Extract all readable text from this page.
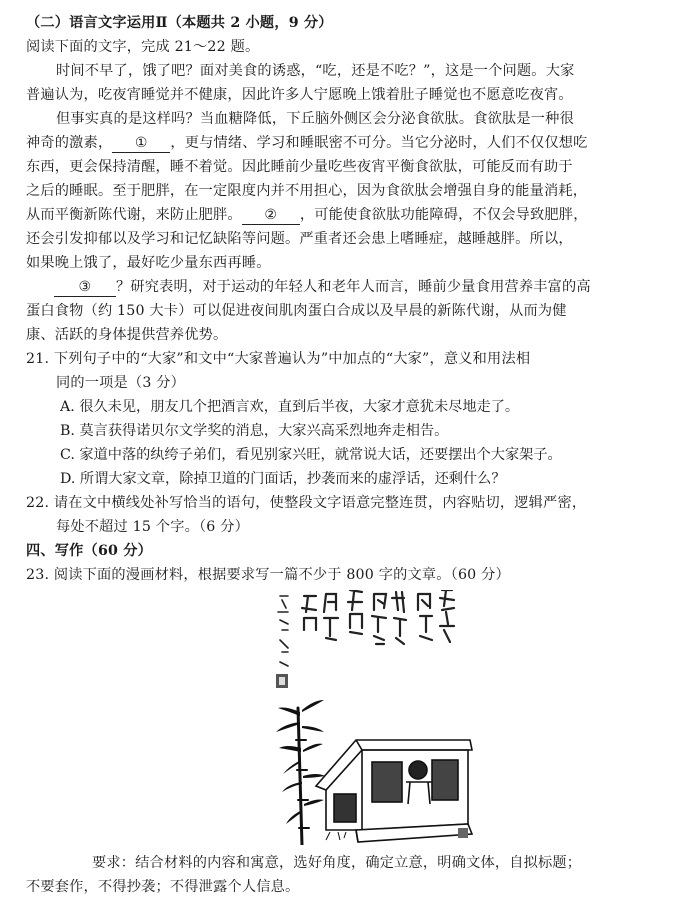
（二）语言文字运用Ⅱ（本题共 2 小题，9 分）
阅读下面的文字，完成 21～22 题。
时间不早了，饿了吧？面对美食的诱惑，“吃，还是不吃？”，这是一个问题。大家
普遍认为，吃夜宵睡觉并不健康，因此许多人宁愿晚上饿着肚子睡觉也不愿意吃夜宵。
但事实真的是这样吗？当血糖降低，下丘脑外侧区会分泌食欲肽。食欲肽是一种很
神奇的激素， ① ，更与情绪、学习和睡眠密不可分。当它分泌时，人们不仅仅想吃
东西，更会保持清醒，睡不着觉。因此睡前少量吃些夜宵平衡食欲肽，可能反而有助于
之后的睡眠。至于肥胖，在一定限度内并不用担心，因为食欲肽会增强自身的能量消耗，
从而平衡新陈代谢，来防止肥胖。 ② ，可能使食欲肽功能障碍，不仅会导致肥胖，
还会引发抑郁以及学习和记忆缺陷等问题。严重者还会患上嗜睡症，越睡越胖。所以，
如果晚上饿了，最好吃少量东西再睡。
③ ？研究表明，对于运动的年轻人和老年人而言，睡前少量食用营养丰富的高
蛋白食物（约 150 大卡）可以促进夜间肌肉蛋白合成以及早晨的新陈代谢，从而为健
康、活跃的身体提供营养优势。
21. 下列句子中的“大家”和文中“大家普遍认为”中加点的“大家”，意义和用法相
同的一项是（3 分）
A. 很久未见，朋友几个把酒言欢，直到后半夜，大家才意犹未尽地走了。
B. 莫言获得诺贝尔文学奖的消息，大家兴高采烈地奔走相告。
C. 家道中落的纨绔子弟们，看见别家兴旺，就常说大话，还要摆出个大家架子。
D. 所谓大家文章，除掉卫道的门面话，抄袭而来的虚浮话，还剩什么？
22. 请在文中横线处补写恰当的语句，使整段文字语意完整连贯，内容贴切，逻辑严密，
每处不超过 15 个字。（6 分）
四、写作（60 分）
23. 阅读下面的漫画材料，根据要求写一篇不少于 800 字的文章。（60 分）
要求：结合材料的内容和寓意，选好角度，确定立意，明确文体，自拟标题；
不要套作，不得抄袭；不得泄露个人信息。
